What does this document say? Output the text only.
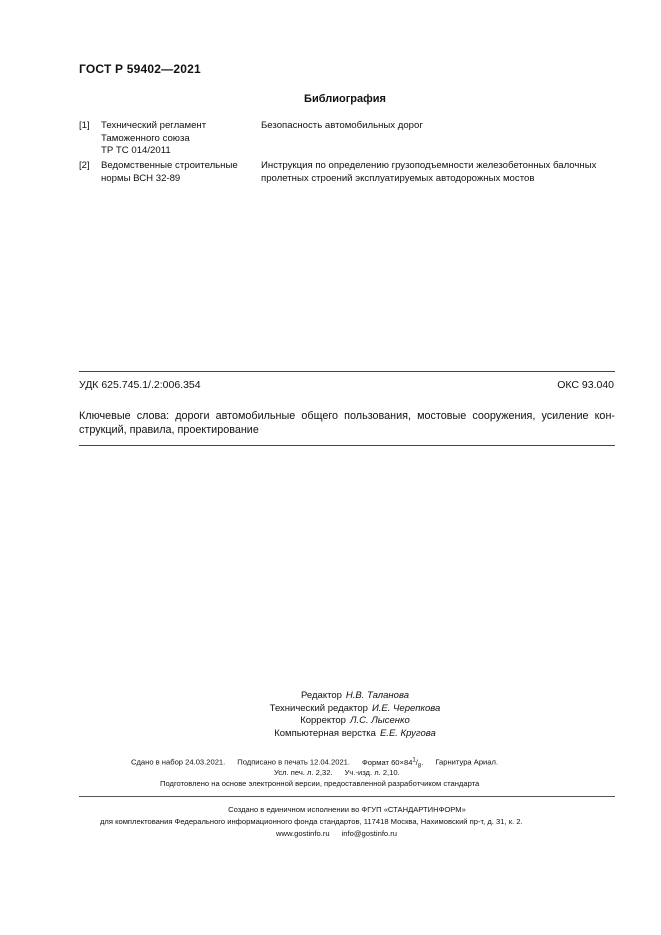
ГОСТ Р 59402—2021
Библиография
[1] Технический регламент
Таможенного союза
ТР ТС 014/2011
Безопасность автомобильных дорог
[2] Ведомственные строительные
нормы ВСН 32-89
Инструкция по определению грузоподъемности железобетонных балочных
пролетных строений эксплуатируемых автодорожных мостов
УДК 625.745.1/.2:006.354	ОКС 93.040
Ключевые слова: дороги автомобильные общего пользования, мостовые сооружения, усиление кон-
струкций, правила, проектирование
Редактор Н.В. Таланова
Технический редактор И.Е. Черепкова
Корректор Л.С. Лысенко
Компьютерная верстка Е.Е. Кругова
Сдано в набор 24.03.2021. Подписано в печать 12.04.2021. Формат $60\times 84^1/_8$. Гарнитура Ариал.
Усл. печ. л. 2,32. Уч.-изд. л. 2,10.
Подготовлено на основе электронной версии, предоставленной разработчиком стандарта
Создано в единичном исполнении во ФГУП «СТАНДАРТИНФОРМ»
для комплектования Федерального информационного фонда стандартов, 117418 Москва, Нахимовский пр-т, д. 31, к. 2.
www.gostinfo.ru info@gostinfo.ru
